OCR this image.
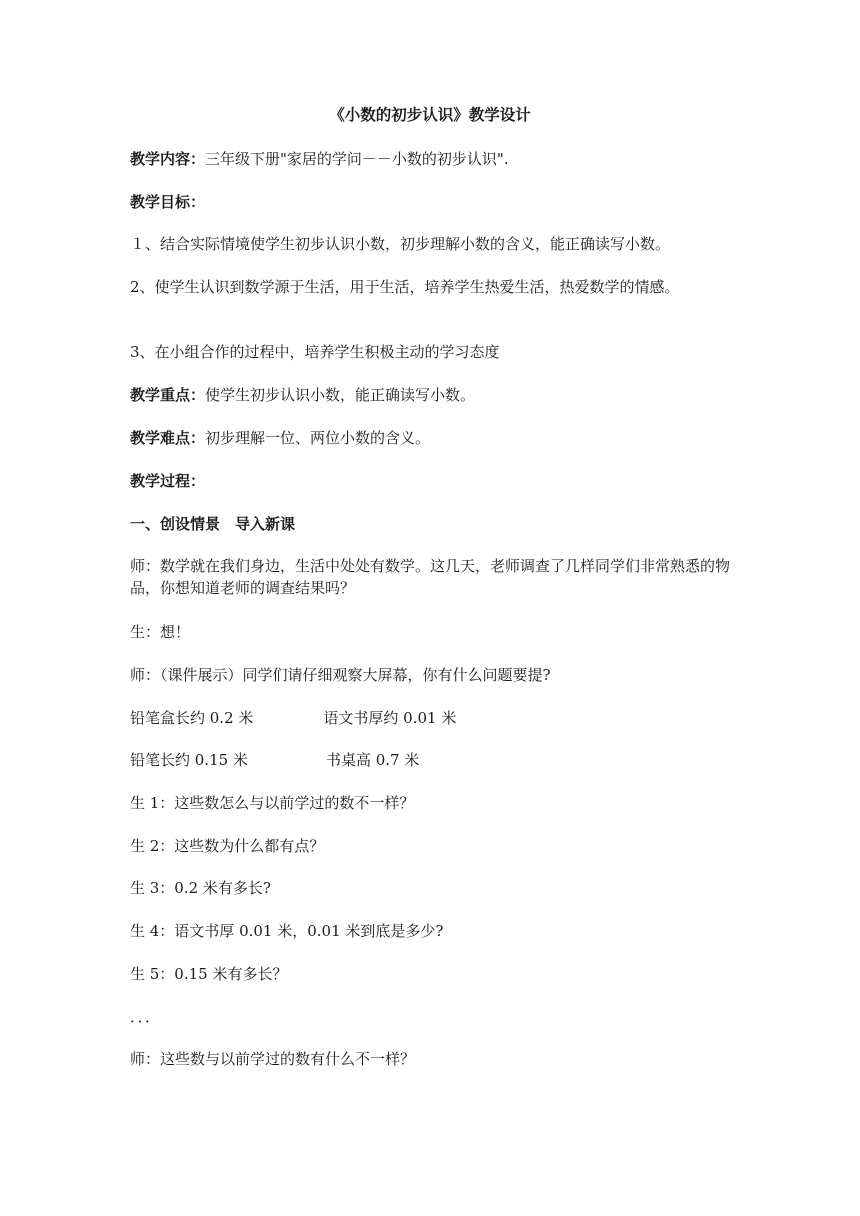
《小数的初步认识》教学设计
教学内容：三年级下册"家居的学问－－小数的初步认识".
教学目标：
１、结合实际情境使学生初步认识小数，初步理解小数的含义，能正确读写小数。
2、使学生认识到数学源于生活，用于生活，培养学生热爱生活，热爱数学的情感。
3、在小组合作的过程中，培养学生积极主动的学习态度
教学重点：使学生初步认识小数，能正确读写小数。
教学难点：初步理解一位、两位小数的含义。
教学过程：
一、创设情景　导入新课
师：数学就在我们身边，生活中处处有数学。这几天，老师调查了几样同学们非常熟悉的物品，你想知道老师的调查结果吗？
生：想！
师：（课件展示）同学们请仔细观察大屏幕，你有什么问题要提?
铅笔盒长约 0.2 米	语文书厚约 0.01 米
铅笔长约 0.15 米	书桌高 0.7 米
生 1：这些数怎么与以前学过的数不一样？
生 2：这些数为什么都有点？
生 3：0.2 米有多长?
生 4：语文书厚 0.01 米，0.01 米到底是多少?
生 5：0.15 米有多长？
．．．
师：这些数与以前学过的数有什么不一样？
